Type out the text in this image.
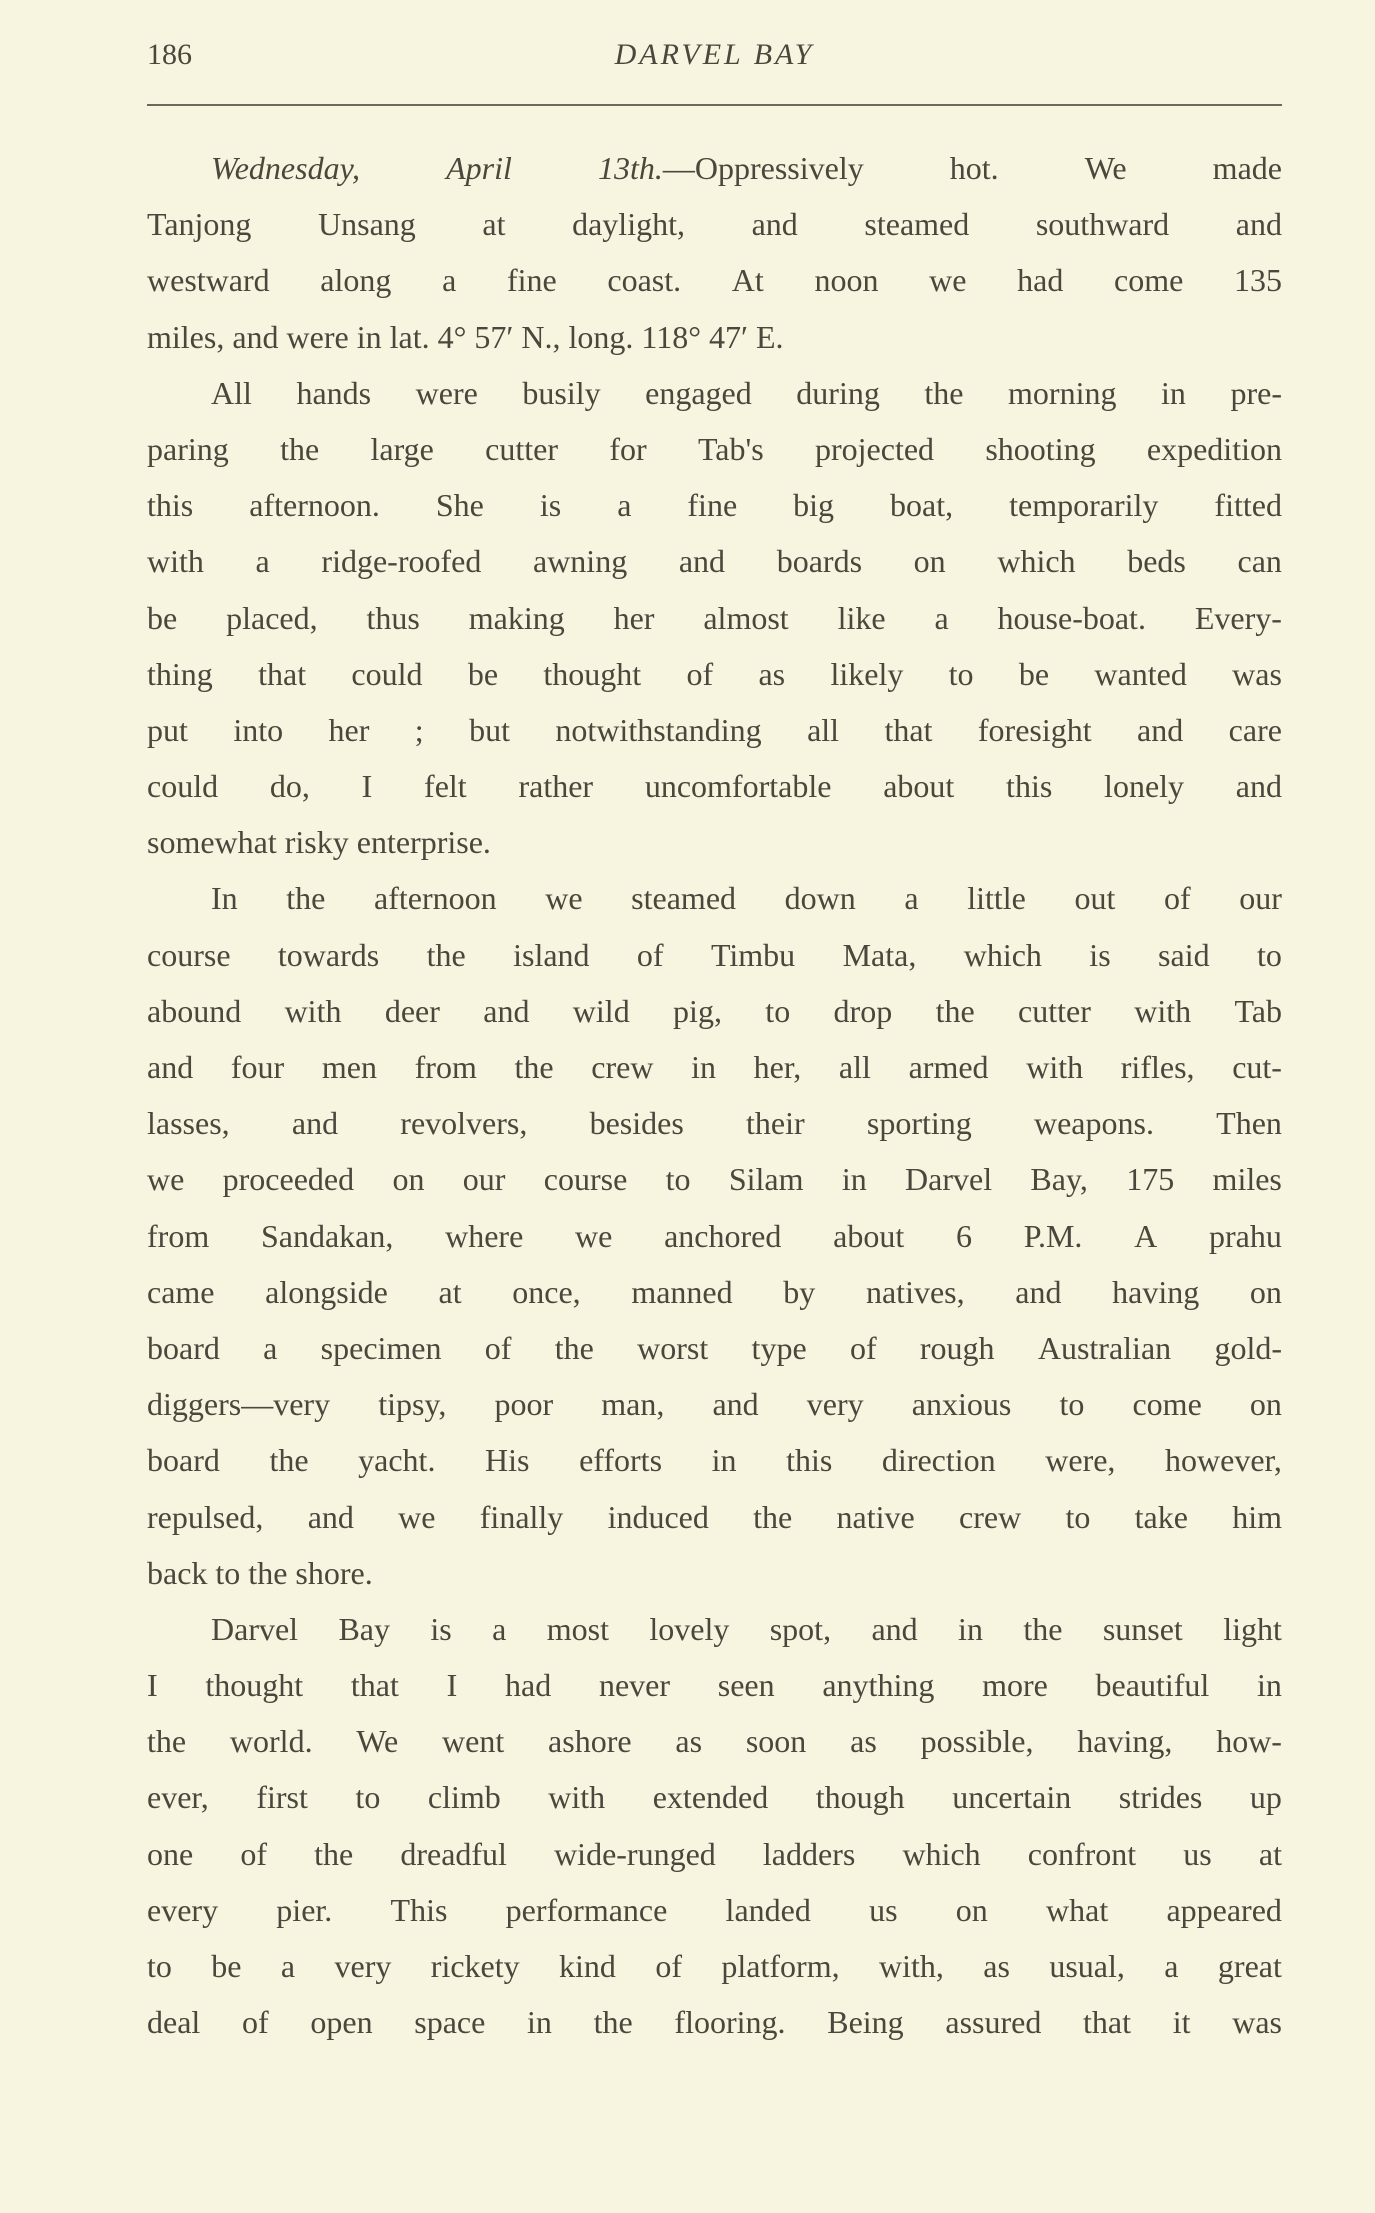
186	DARVEL BAY
Wednesday,	April	13th.—Oppressively	hot.	We	made
Tanjong Unsang at daylight, and steamed southward and
westward along a fine coast. At noon we had come 135
miles, and were in lat. 4° 57′ N., long. 118° 47′ E.
All hands were busily engaged during the morning in pre-
paring the large cutter for Tab's projected shooting expedition
this afternoon. She is a fine big boat, temporarily fitted
with a ridge-roofed awning and boards on which beds can
be placed, thus making her almost like a house-boat. Every-
thing that could be thought of as likely to be wanted was
put into her ; but notwithstanding all that foresight and care
could do, I felt rather uncomfortable about this lonely and
somewhat risky enterprise.
In the afternoon we steamed down a little out of our
course towards the island of Timbu Mata, which is said to
abound with deer and wild pig, to drop the cutter with Tab
and four men from the crew in her, all armed with rifles, cut-
lasses, and revolvers, besides their sporting weapons. Then
we proceeded on our course to Silam in Darvel Bay, 175 miles
from Sandakan, where we anchored about 6 P.M. A prahu
came alongside at once, manned by natives, and having on
board a specimen of the worst type of rough Australian gold-
diggers—very tipsy, poor man, and very anxious to come on
board the yacht. His efforts in this direction were, however,
repulsed, and we finally induced the native crew to take him
back to the shore.
Darvel Bay is a most lovely spot, and in the sunset light
I thought that I had never seen anything more beautiful in
the world. We went ashore as soon as possible, having, how-
ever, first to climb with extended though uncertain strides up
one of the dreadful wide-runged ladders which confront us at
every pier. This performance landed us on what appeared
to be a very rickety kind of platform, with, as usual, a great
deal of open space in the flooring. Being assured that it was
